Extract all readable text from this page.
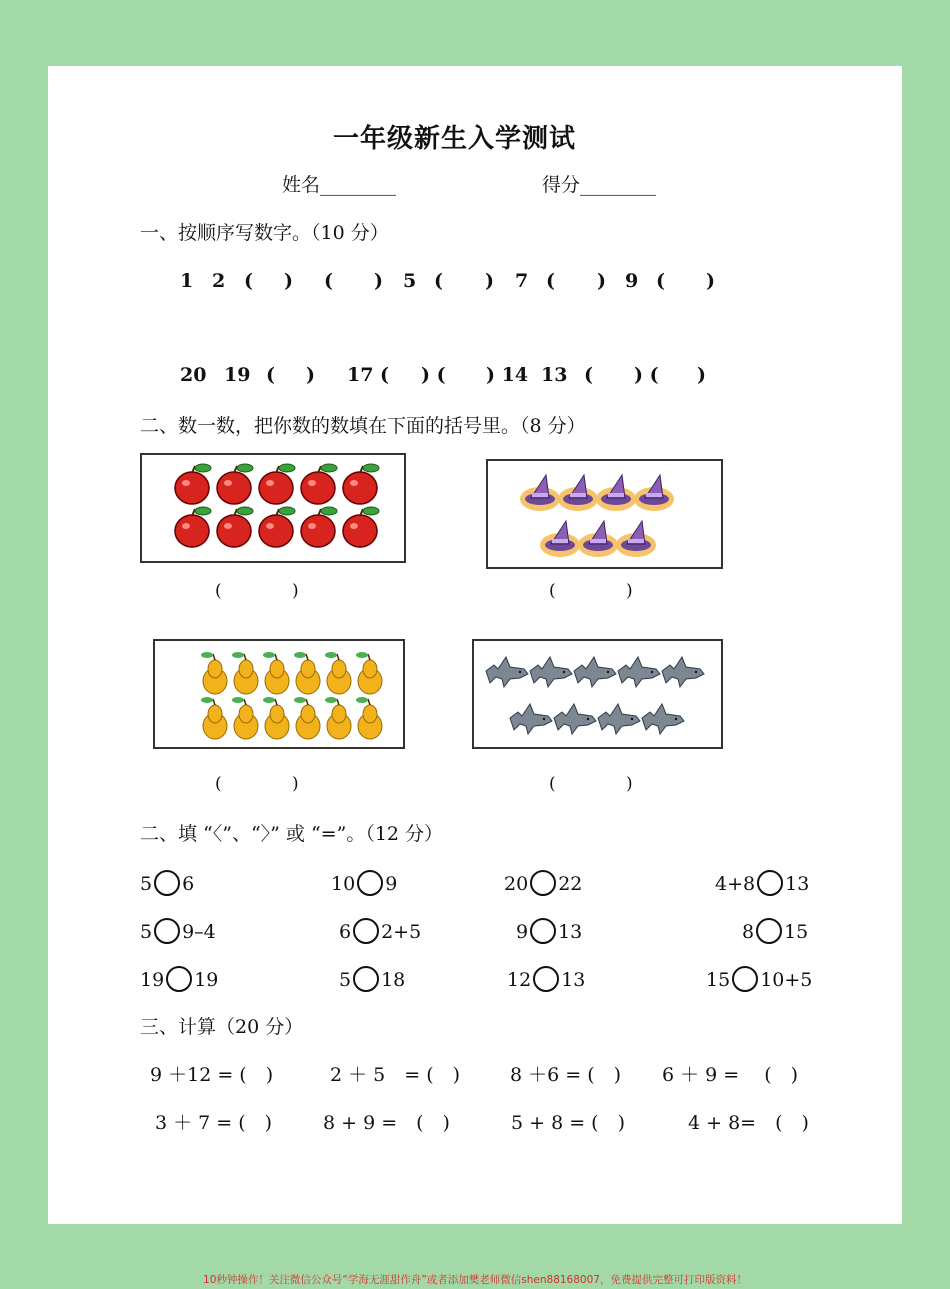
一年级新生入学测试
姓名________	得分________
一、按顺序写数字。（10 分）
1 2 ( ) ( ) 5 ( ) 7 ( ) 9 ( )
20 19 ( ) 17 ( ) ( ) 14 13 ( ) ( )
二、数一数，把你数的数填在下面的括号里。（8 分）
(	)	(	)
(	)	(	)
二、填 “〈”、“〉” 或 “=”。（12 分）
5 6	10 9	20 22	4+8 13
5 9–4	6 2+5	9 13	8 15
19 19	5 18	12 13	15 10+5
三、计算（20 分）
9 ＋12 = (　)	2 ＋ 5　= (　)	8 ＋6 = (　) 6 ＋ 9 =　 (　)
3 ＋ 7 = (　)	8 + 9 =　(　)	5 + 8 = (　)	4 + 8=　(　)
10秒钟操作！关注微信公众号“学海无涯甜作舟”或者添加樊老师微信shen88168007，免费提供完整可打印版资料！
